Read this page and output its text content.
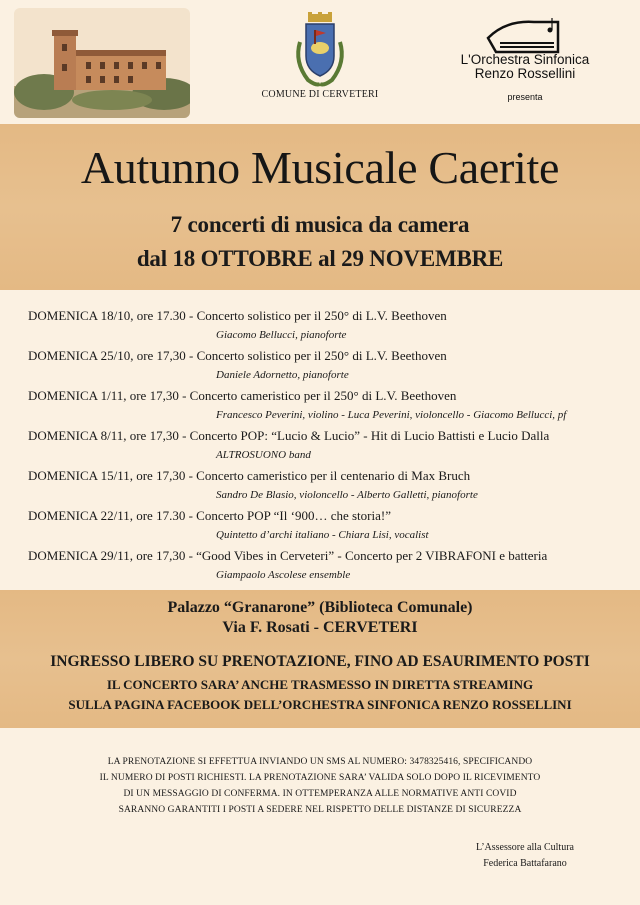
COMUNE DI CERVETERI
L'Orchestra Sinfonica
Renzo Rossellini
presenta
Autunno Musicale Caerite
7 concerti di musica da camera
dal 18 OTTOBRE al 29 NOVEMBRE
DOMENICA 18/10, ore 17.30 - Concerto solistico per il 250° di L.V. Beethoven
Giacomo Bellucci, pianoforte
DOMENICA 25/10, ore 17,30 - Concerto solistico per il 250° di L.V. Beethoven
Daniele Adornetto, pianoforte
DOMENICA 1/11, ore 17,30 - Concerto cameristico per il 250° di L.V. Beethoven
Francesco Peverini, violino - Luca Peverini, violoncello - Giacomo Bellucci, pf
DOMENICA 8/11, ore 17,30 - Concerto POP: “Lucio & Lucio” - Hit di Lucio Battisti e Lucio Dalla
ALTROSUONO band
DOMENICA 15/11, ore 17,30 - Concerto cameristico per il centenario di Max Bruch
Sandro De Blasio, violoncello - Alberto Galletti, pianoforte
DOMENICA 22/11, ore 17.30 - Concerto POP “Il ‘900… che storia!”
Quintetto d’archi italiano - Chiara Lisi, vocalist
DOMENICA 29/11, ore 17,30 - “Good Vibes in Cerveteri” - Concerto per 2 VIBRAFONI e batteria
Giampaolo Ascolese ensemble
Palazzo “Granarone” (Biblioteca Comunale)
Via F. Rosati - CERVETERI
INGRESSO LIBERO SU PRENOTAZIONE, FINO AD ESAURIMENTO POSTI
IL CONCERTO SARA’ ANCHE TRASMESSO IN DIRETTA STREAMING
SULLA PAGINA FACEBOOK DELL’ORCHESTRA SINFONICA RENZO ROSSELLINI
LA PRENOTAZIONE SI EFFETTUA INVIANDO UN SMS AL NUMERO: 3478325416, SPECIFICANDO
IL NUMERO DI POSTI RICHIESTI. LA PRENOTAZIONE SARA’ VALIDA SOLO DOPO IL RICEVIMENTO
DI UN MESSAGGIO DI CONFERMA. IN OTTEMPERANZA ALLE NORMATIVE ANTI COVID
SARANNO GARANTITI I POSTI A SEDERE NEL RISPETTO DELLE DISTANZE DI SICUREZZA
L’Assessore alla Cultura
Federica Battafarano
